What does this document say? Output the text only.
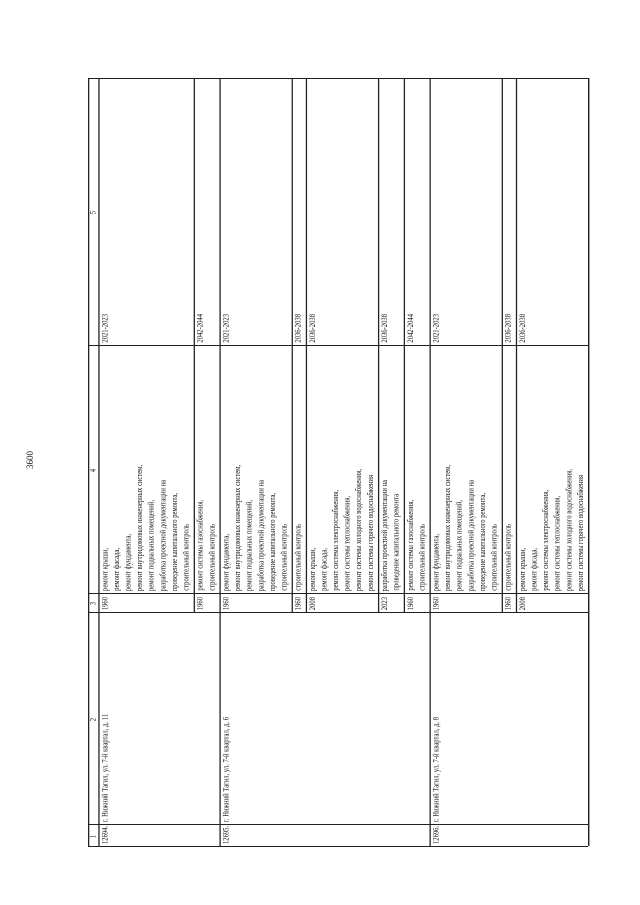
3600
1
2
3
4
5
1960
ремонт крыши, ремонт фасада, ремонт фундамента, ремонт внутридомовых инженерных систем, ремонт подвальных помещений, разработка проектной документации на проведение капитального ремонта, строительный контроль
2021-2023
1960
ремонт системы газоснабжения, строительный контроль
2042-2044
12694.
г. Нижний Тагил, ул. 7-й квартал, д. 11
1960
ремонт фундамента, ремонт внутридомовых инженерных систем, ремонт подвальных помещений, разработка проектной документации на проведение капитального ремонта, строительный контроль
2021-2023
1960
строительный контроль
2036-2038
2008
ремонт крыши, ремонт фасада, ремонт системы электроснабжения, ремонт системы теплоснабжения, ремонт системы холодного водоснабжения, ремонт системы горячего водоснабжения
2036-2038
2023
разработка проектной документации на проведение капитального ремонта
2036-2038
1960
ремонт системы газоснабжения, строительный контроль
2042-2044
12695.
г. Нижний Тагил, ул. 7-й квартал, д. 6
1960
ремонт фундамента, ремонт внутридомовых инженерных систем, ремонт подвальных помещений, разработка проектной документации на проведение капитального ремонта, строительный контроль
2021-2023
1960
строительный контроль
2036-2038
2008
ремонт крыши, ремонт фасада, ремонт системы электроснабжения, ремонт системы теплоснабжения, ремонт системы холодного водоснабжения, ремонт системы горячего водоснабжения
2036-2038
12696.
г. Нижний Тагил, ул. 7-й квартал, д. 8
